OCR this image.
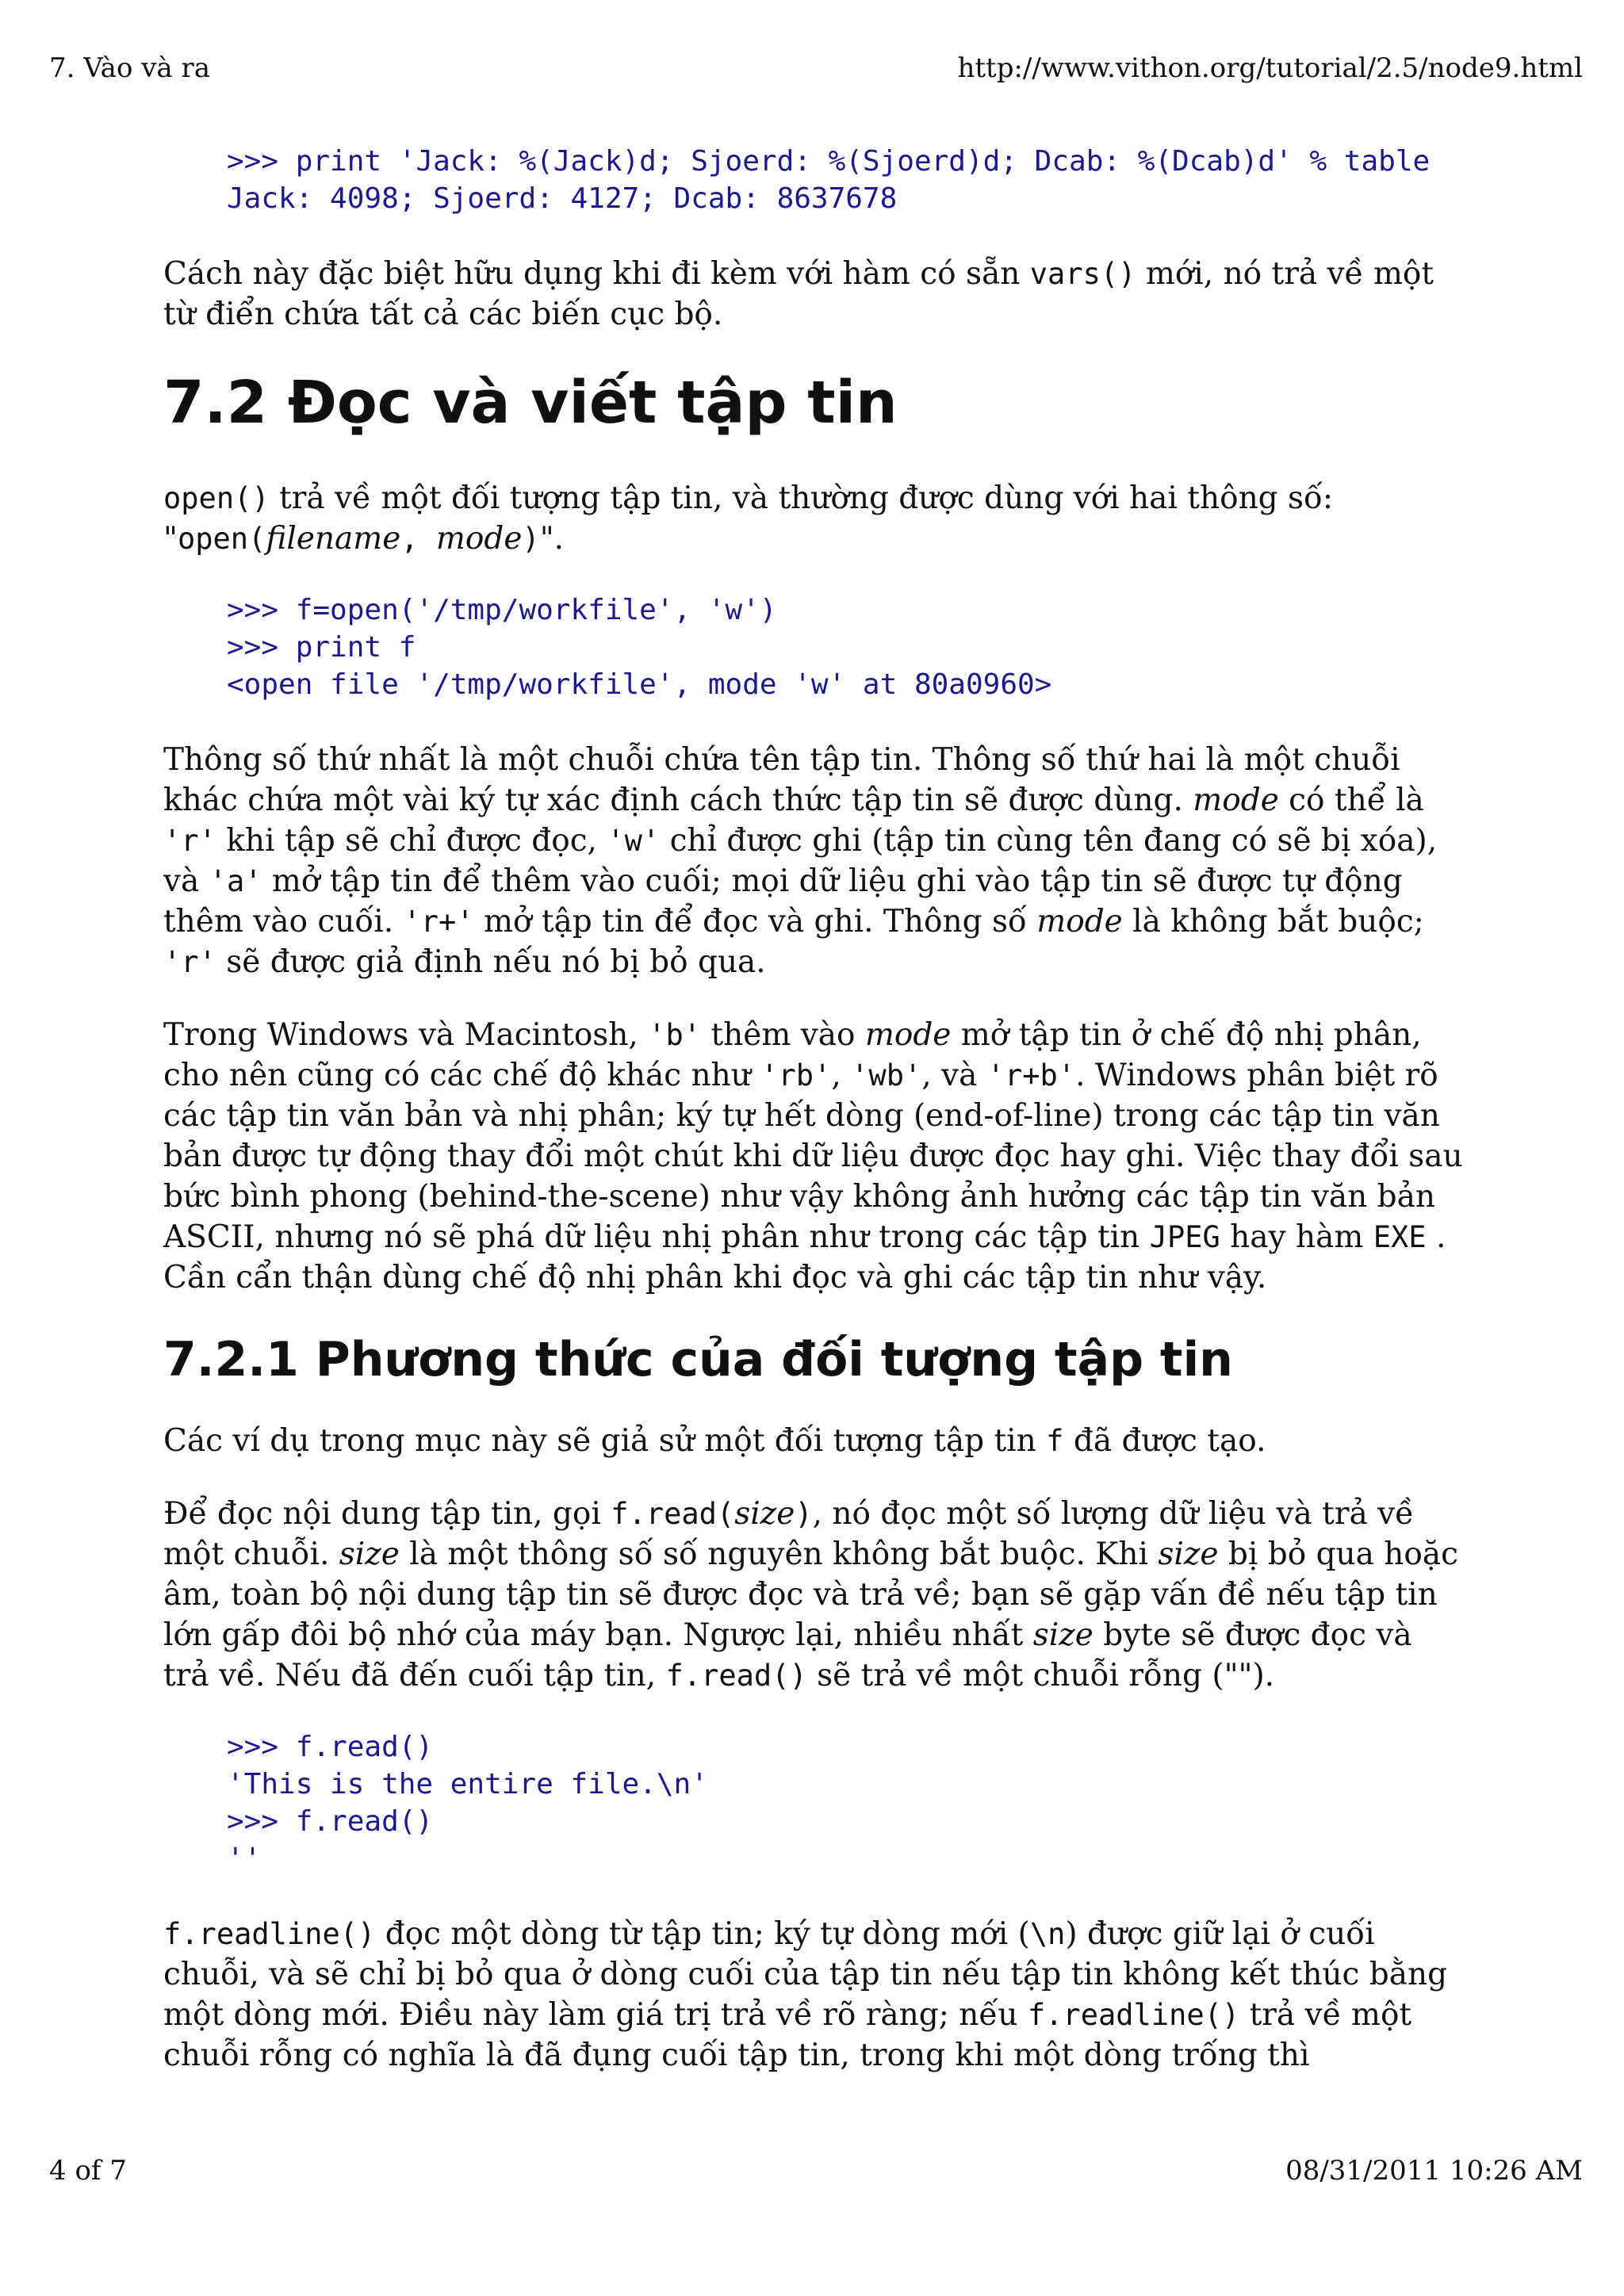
7. Vào và ra	http://www.vithon.org/tutorial/2.5/node9.html
>>> print 'Jack: %(Jack)d; Sjoerd: %(Sjoerd)d; Dcab: %(Dcab)d' % table
Jack: 4098; Sjoerd: 4127; Dcab: 8637678

Cách này đặc biệt hữu dụng khi đi kèm với hàm có sẵn vars() mới, nó trả về một từ điển chứa tất cả các biến cục bộ.

7.2 Đọc và viết tập tin

open() trả về một đối tượng tập tin, và thường được dùng với hai thông số: "open(filename, mode)".

>>> f=open('/tmp/workfile', 'w')
>>> print f
<open file '/tmp/workfile', mode 'w' at 80a0960>

Thông số thứ nhất là một chuỗi chứa tên tập tin. Thông số thứ hai là một chuỗi khác chứa một vài ký tự xác định cách thức tập tin sẽ được dùng. mode có thể là 'r' khi tập sẽ chỉ được đọc, 'w' chỉ được ghi (tập tin cùng tên đang có sẽ bị xóa), và 'a' mở tập tin để thêm vào cuối; mọi dữ liệu ghi vào tập tin sẽ được tự động thêm vào cuối. 'r+' mở tập tin để đọc và ghi. Thông số mode là không bắt buộc; 'r' sẽ được giả định nếu nó bị bỏ qua.

Trong Windows và Macintosh, 'b' thêm vào mode mở tập tin ở chế độ nhị phân, cho nên cũng có các chế độ khác như 'rb', 'wb', và 'r+b'. Windows phân biệt rõ các tập tin văn bản và nhị phân; ký tự hết dòng (end-of-line) trong các tập tin văn bản được tự động thay đổi một chút khi dữ liệu được đọc hay ghi. Việc thay đổi sau bức bình phong (behind-the-scene) như vậy không ảnh hưởng các tập tin văn bản ASCII, nhưng nó sẽ phá dữ liệu nhị phân như trong các tập tin JPEG hay hàm EXE . Cần cẩn thận dùng chế độ nhị phân khi đọc và ghi các tập tin như vậy.

7.2.1 Phương thức của đối tượng tập tin

Các ví dụ trong mục này sẽ giả sử một đối tượng tập tin f đã được tạo.

Để đọc nội dung tập tin, gọi f.read(size), nó đọc một số lượng dữ liệu và trả về một chuỗi. size là một thông số số nguyên không bắt buộc. Khi size bị bỏ qua hoặc âm, toàn bộ nội dung tập tin sẽ được đọc và trả về; bạn sẽ gặp vấn đề nếu tập tin lớn gấp đôi bộ nhớ của máy bạn. Ngược lại, nhiều nhất size byte sẽ được đọc và trả về. Nếu đã đến cuối tập tin, f.read() sẽ trả về một chuỗi rỗng ("").

>>> f.read()
'This is the entire file.\n'
>>> f.read()
''

f.readline() đọc một dòng từ tập tin; ký tự dòng mới (\n) được giữ lại ở cuối chuỗi, và sẽ chỉ bị bỏ qua ở dòng cuối của tập tin nếu tập tin không kết thúc bằng một dòng mới. Điều này làm giá trị trả về rõ ràng; nếu f.readline() trả về một chuỗi rỗng có nghĩa là đã đụng cuối tập tin, trong khi một dòng trống thì

4 of 7	08/31/2011 10:26 AM
